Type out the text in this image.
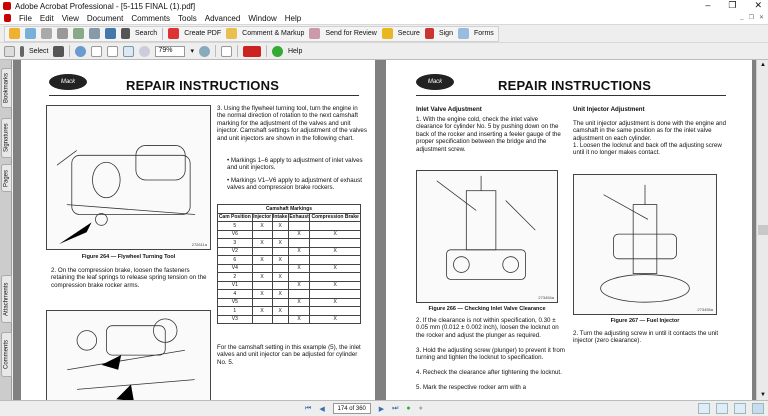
Adobe Acrobat Professional - [5-115 FINAL (1).pdf]	– ❐ ✕
File Edit View Document Comments Tools Advanced Window Help	_ ❐ ✕
Search	Create PDF	Comment & Markup	Send for Review	Secure	Sign	Forms
Select	79%	▾	Help
Bookmarks
Signatures
Pages
Attachments
Comments
Mack	REPAIR INSTRUCTIONS
272611a
Figure 264 — Flywheel Turning Tool
2. On the compression brake, loosen the fasteners retaining the leaf springs to release spring tension on the compression brake rocker arms.
3. Using the flywheel turning tool, turn the engine in the normal direction of rotation to the next camshaft marking for the adjustment of the valves and unit injector. Camshaft settings for adjustment of the valves and unit injectors are shown in the following chart.
• Markings 1–6 apply to adjustment of inlet valves and unit injectors.
• Markings V1–V6 apply to adjustment of exhaust valves and compression brake rockers.
Camshaft Markings				
Cam Position	Injector	Intake	Exhaust	Compression Brake
5	X	X		
V6			X	X
3	X	X		
V2			X	X
6	X	X		
V4			X	X
2	X	X		
V1			X	X
4	X	X		
V5			X	X
1	X	X		
V3			X	X
For the camshaft setting in this example (5), the inlet valves and unit injector can be adjusted for cylinder No. 5.
Mack	REPAIR INSTRUCTIONS
Inlet Valve Adjustment
1. With the engine cold, check the inlet valve clearance for cylinder No. 5 by pushing down on the back of the rocker and inserting a feeler gauge of the proper specification between the bridge and the adjustment screw.
273454a
Figure 266 — Checking Inlet Valve Clearance
2. If the clearance is not within specification, 0.30 ± 0.05 mm (0.012 ± 0.002 inch), loosen the locknut on the rocker and adjust the plunger as required.
3. Hold the adjusting screw (plunger) to prevent it from turning and tighten the locknut to specification.
4. Recheck the clearance after tightening the locknut.
5. Mark the respective rocker arm with a
Unit Injector Adjustment
The unit injector adjustment is done with the engine and camshaft in the same position as for the inlet valve adjustment on each cylinder.
1. Loosen the locknut and back off the adjusting screw until it no longer makes contact.
273455a
Figure 267 — Fuel Injector
2. Turn the adjusting screw in until it contacts the unit injector (zero clearance).
▲
▼
⏮ ◀	174 of 360	▶ ⏭ ● ●
